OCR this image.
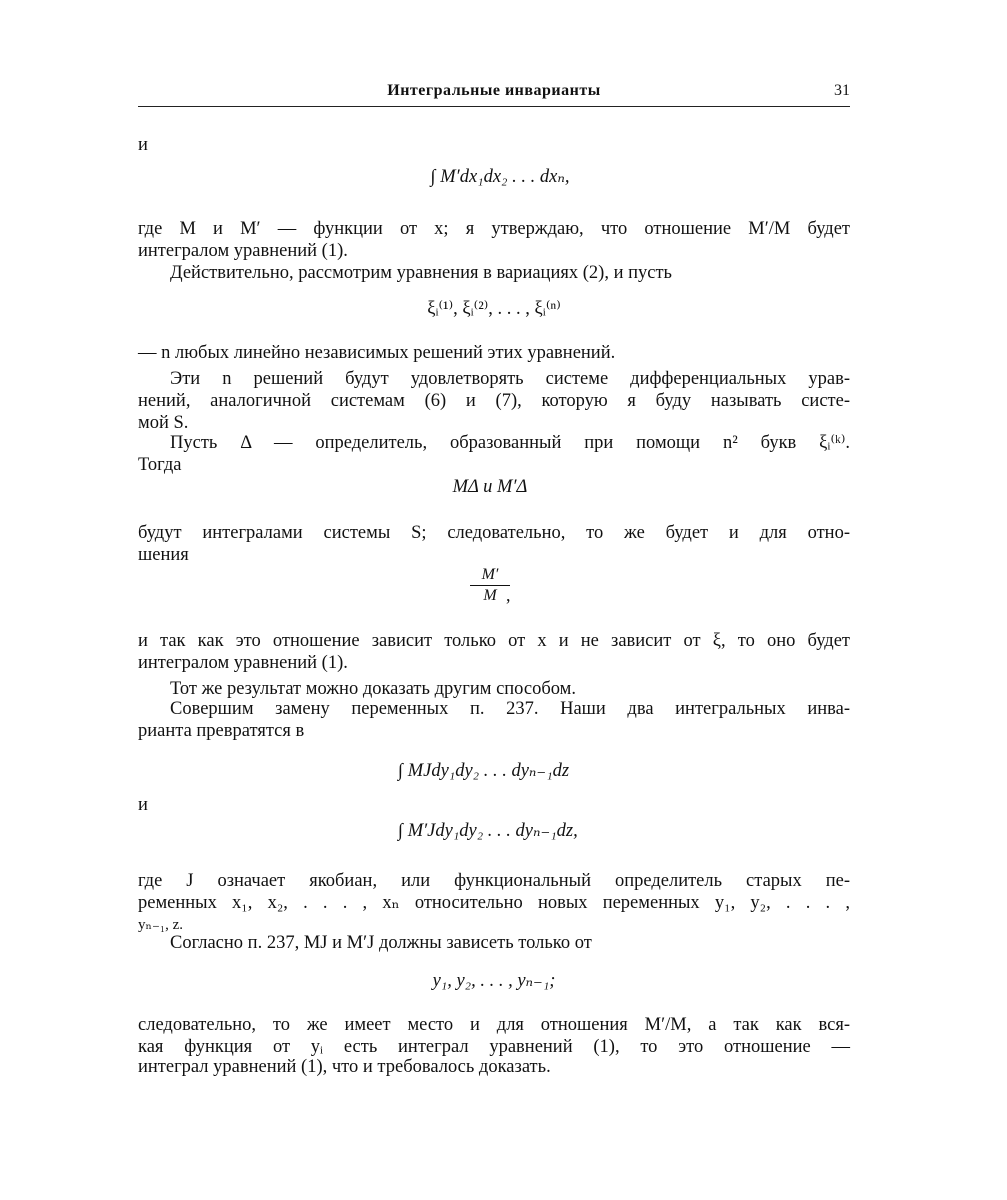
Интегральные инварианты	31
и
∫ M′dx₁dx₂ . . . dxₙ,
где M и M′ — функции от x; я утверждаю, что отношение M′/M будет
интегралом уравнений (1).
Действительно, рассмотрим уравнения в вариациях (2), и пусть
ξᵢ⁽¹⁾, ξᵢ⁽²⁾, . . . , ξᵢ⁽ⁿ⁾
— n любых линейно независимых решений этих уравнений.
Эти n решений будут удовлетворять системе дифференциальных урав-
нений, аналогичной системам (6) и (7), которую я буду называть систе-
мой S.
Пусть Δ — определитель, образованный при помощи n² букв ξᵢ⁽ᵏ⁾.
Тогда
MΔ и M′Δ
будут интегралами системы S; следовательно, то же будет и для отно-
шения
$\frac{M'}{M}$
,
и так как это отношение зависит только от x и не зависит от ξ, то оно будет
интегралом уравнений (1).
Тот же результат можно доказать другим способом.
Совершим замену переменных п. 237. Наши два интегральных инва-
рианта превратятся в
∫ MJdy₁dy₂ . . . dyₙ₋₁dz
и
∫ M′Jdy₁dy₂ . . . dyₙ₋₁dz,
где J означает якобиан, или функциональный определитель старых пе-
ременных x₁, x₂, . . . , xₙ относительно новых переменных y₁, y₂, . . . ,
yₙ₋₁, z.
Согласно п. 237, MJ и M′J должны зависеть только от
y₁, y₂, . . . , yₙ₋₁;
следовательно, то же имеет место и для отношения M′/M, а так как вся-
кая функция от yᵢ есть интеграл уравнений (1), то это отношение —
интеграл уравнений (1), что и требовалось доказать.
